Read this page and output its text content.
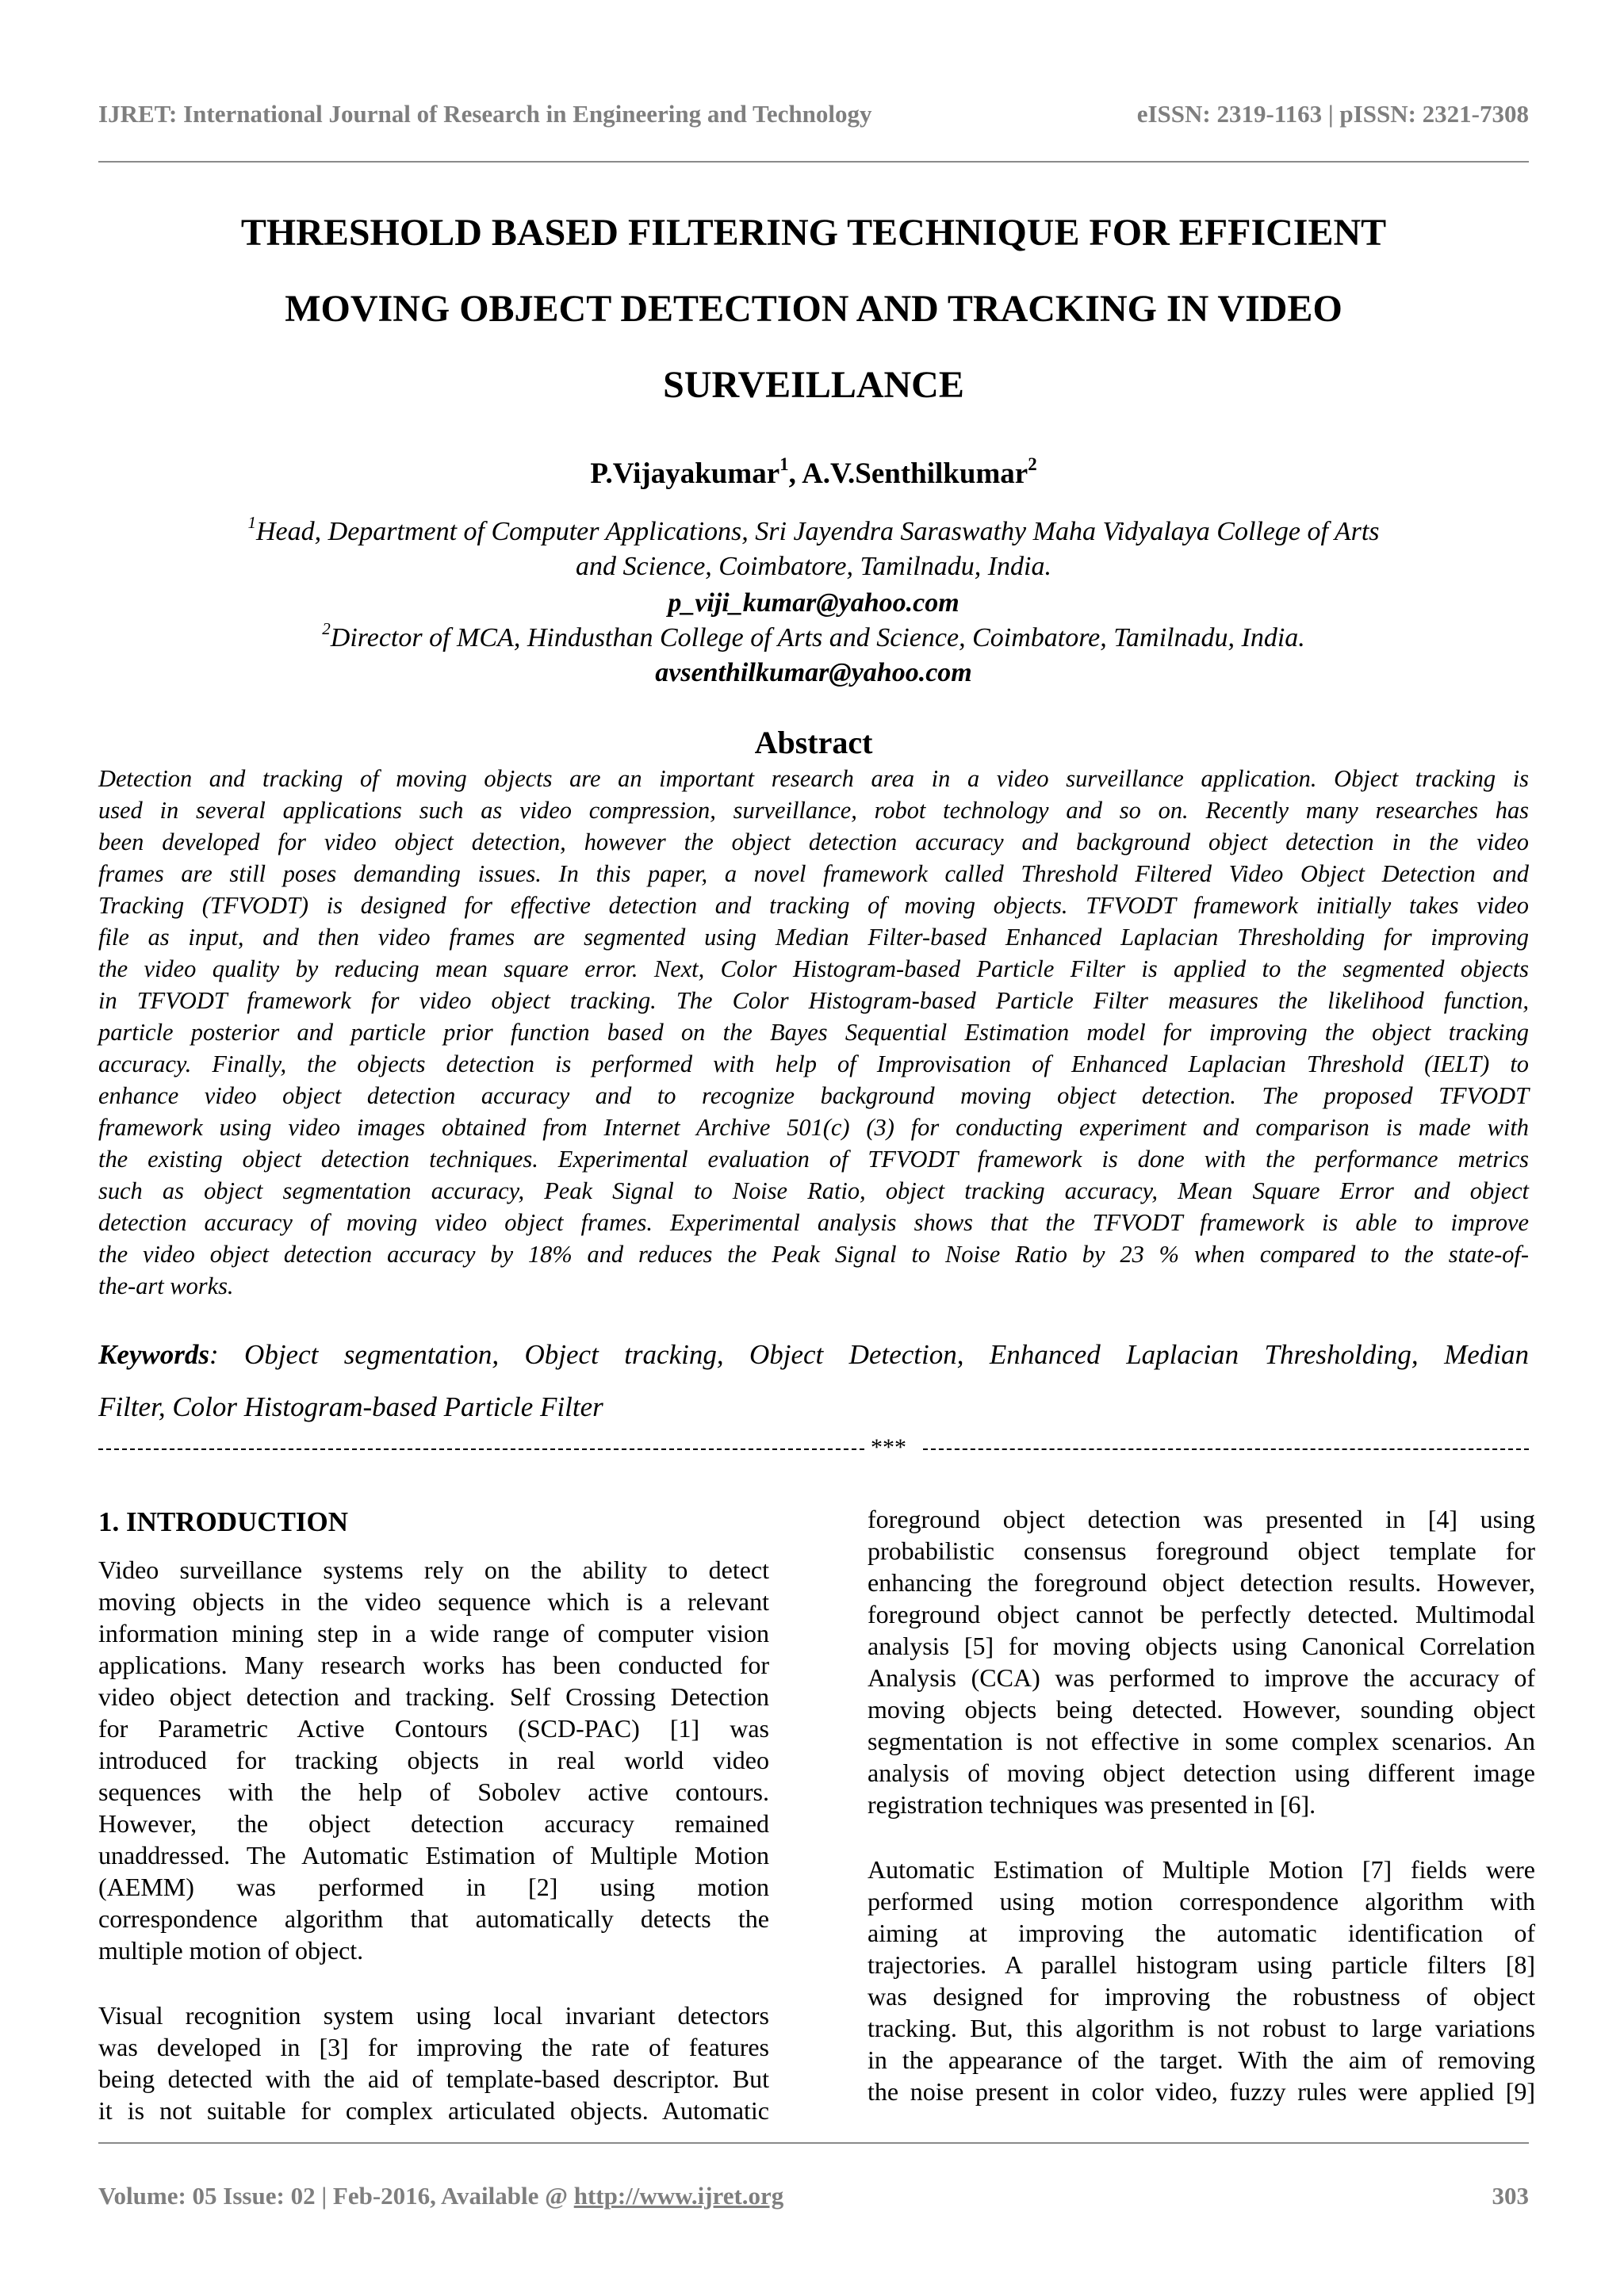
IJRET: International Journal of Research in Engineering and Technology	eISSN: 2319-1163 | pISSN: 2321-7308
THRESHOLD BASED FILTERING TECHNIQUE FOR EFFICIENT
MOVING OBJECT DETECTION AND TRACKING IN VIDEO
SURVEILLANCE
P.Vijayakumar$^1$, A.V.Senthilkumar$^2$
$^1$Head, Department of Computer Applications, Sri Jayendra Saraswathy Maha Vidyalaya College of Arts
and Science, Coimbatore, Tamilnadu, India.
p_viji_kumar@yahoo.com
$^2$Director of MCA, Hindusthan College of Arts and Science, Coimbatore, Tamilnadu, India.
avsenthilkumar@yahoo.com
Abstract
Detection and tracking of moving objects are an important research area in a video surveillance application. Object tracking is
used in several applications such as video compression, surveillance, robot technology and so on. Recently many researches has
been developed for video object detection, however the object detection accuracy and background object detection in the video
frames are still poses demanding issues. In this paper, a novel framework called Threshold Filtered Video Object Detection and
Tracking (TFVODT) is designed for effective detection and tracking of moving objects. TFVODT framework initially takes video
file as input, and then video frames are segmented using Median Filter-based Enhanced Laplacian Thresholding for improving
the video quality by reducing mean square error. Next, Color Histogram-based Particle Filter is applied to the segmented objects
in TFVODT framework for video object tracking. The Color Histogram-based Particle Filter measures the likelihood function,
particle posterior and particle prior function based on the Bayes Sequential Estimation model for improving the object tracking
accuracy. Finally, the objects detection is performed with help of Improvisation of Enhanced Laplacian Threshold (IELT) to
enhance video object detection accuracy and to recognize background moving object detection. The proposed TFVODT
framework using video images obtained from Internet Archive 501(c) (3) for conducting experiment and comparison is made with
the existing object detection techniques. Experimental evaluation of TFVODT framework is done with the performance metrics
such as object segmentation accuracy, Peak Signal to Noise Ratio, object tracking accuracy, Mean Square Error and object
detection accuracy of moving video object frames. Experimental analysis shows that the TFVODT framework is able to improve
the video object detection accuracy by 18% and reduces the Peak Signal to Noise Ratio by 23 % when compared to the state-of-
the-art works.
Keywords: Object segmentation, Object tracking, Object Detection, Enhanced Laplacian Thresholding, Median
Filter, Color Histogram-based Particle Filter
***
1. INTRODUCTION
Video surveillance systems rely on the ability to detect
moving objects in the video sequence which is a relevant
information mining step in a wide range of computer vision
applications. Many research works has been conducted for
video object detection and tracking. Self Crossing Detection
for Parametric Active Contours (SCD-PAC) [1] was
introduced for tracking objects in real world video
sequences with the help of Sobolev active contours.
However, the object detection accuracy remained
unaddressed. The Automatic Estimation of Multiple Motion
(AEMM) was performed in [2] using motion
correspondence algorithm that automatically detects the
multiple motion of object.
Visual recognition system using local invariant detectors
was developed in [3] for improving the rate of features
being detected with the aid of template-based descriptor. But
it is not suitable for complex articulated objects. Automatic
foreground object detection was presented in [4] using
probabilistic consensus foreground object template for
enhancing the foreground object detection results. However,
foreground object cannot be perfectly detected. Multimodal
analysis [5] for moving objects using Canonical Correlation
Analysis (CCA) was performed to improve the accuracy of
moving objects being detected. However, sounding object
segmentation is not effective in some complex scenarios. An
analysis of moving object detection using different image
registration techniques was presented in [6].
Automatic Estimation of Multiple Motion [7] fields were
performed using motion correspondence algorithm with
aiming at improving the automatic identification of
trajectories. A parallel histogram using particle filters [8]
was designed for improving the robustness of object
tracking. But, this algorithm is not robust to large variations
in the appearance of the target. With the aim of removing
the noise present in color video, fuzzy rules were applied [9]
Volume: 05 Issue: 02 | Feb-2016, Available @ http://www.ijret.org	303
